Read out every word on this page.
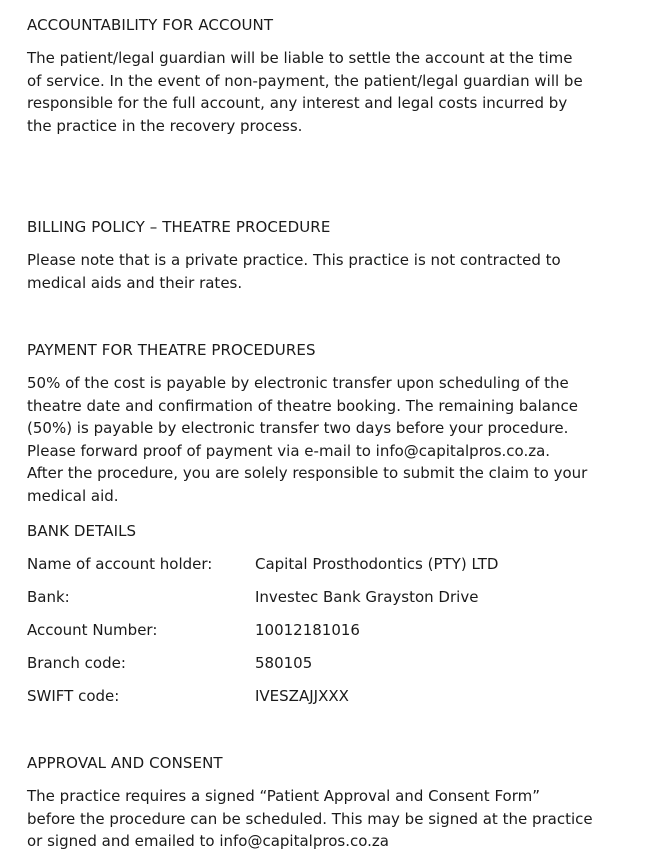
ACCOUNTABILITY FOR ACCOUNT

The patient/legal guardian will be liable to settle the account at the time
of service. In the event of non-payment, the patient/legal guardian will be
responsible for the full account, any interest and legal costs incurred by
the practice in the recovery process.

BILLING POLICY – THEATRE PROCEDURE

Please note that is a private practice. This practice is not contracted to
medical aids and their rates.

PAYMENT FOR THEATRE PROCEDURES

50% of the cost is payable by electronic transfer upon scheduling of the
theatre date and confirmation of theatre booking. The remaining balance
(50%) is payable by electronic transfer two days before your procedure.
Please forward proof of payment via e-mail to info@capitalpros.co.za.
After the procedure, you are solely responsible to submit the claim to your
medical aid.

BANK DETAILS
Name of account holder:	Capital Prosthodontics (PTY) LTD
Bank:	Investec Bank Grayston Drive
Account Number:	10012181016
Branch code:	580105
SWIFT code:	IVESZAJJXXX
APPROVAL AND CONSENT

The practice requires a signed “Patient Approval and Consent Form”
before the procedure can be scheduled. This may be signed at the practice
or signed and emailed to info@capitalpros.co.za
